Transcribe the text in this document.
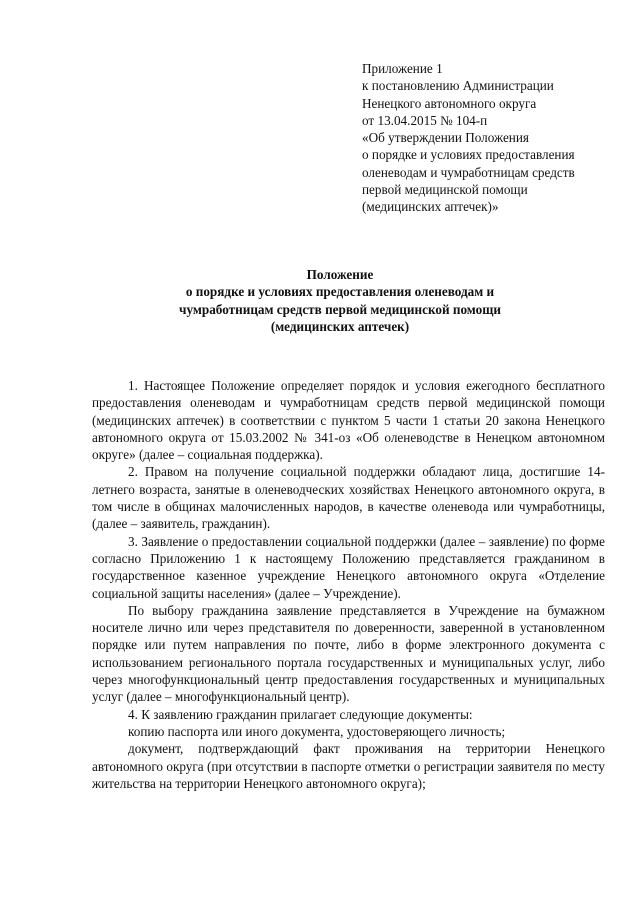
Приложение 1
к постановлению Администрации
Ненецкого автономного округа
от 13.04.2015 № 104-п
«Об утверждении Положения
о порядке и условиях предоставления
оленеводам и чумработницам средств
первой медицинской помощи
(медицинских аптечек)»
Положение
о порядке и условиях предоставления оленеводам и
чумработницам средств первой медицинской помощи
(медицинских аптечек)

1. Настоящее Положение определяет порядок и условия ежегодного бесплатного предоставления оленеводам и чумработницам средств первой медицинской помощи (медицинских аптечек) в соответствии с пунктом 5 части 1 статьи 20 закона Ненецкого автономного округа от 15.03.2002 № 341-оз «Об оленеводстве в Ненецком автономном округе» (далее – социальная поддержка).

2. Правом на получение социальной поддержки обладают лица, достигшие 14-летнего возраста, занятые в оленеводческих хозяйствах Ненецкого автономного округа, в том числе в общинах малочисленных народов, в качестве оленевода или чумработницы, (далее – заявитель, гражданин).

3. Заявление о предоставлении социальной поддержки (далее – заявление) по форме согласно Приложению 1 к настоящему Положению представляется гражданином в государственное казенное учреждение Ненецкого автономного округа «Отделение социальной защиты населения» (далее – Учреждение).

По выбору гражданина заявление представляется в Учреждение на бумажном носителе лично или через представителя по доверенности, заверенной в установленном порядке или путем направления по почте, либо в форме электронного документа с использованием регионального портала государственных и муниципальных услуг, либо через многофункциональный центр предоставления государственных и муниципальных услуг (далее – многофункциональный центр).

4. К заявлению гражданин прилагает следующие документы:

копию паспорта или иного документа, удостоверяющего личность;

документ, подтверждающий факт проживания на территории Ненецкого автономного округа (при отсутствии в паспорте отметки о регистрации заявителя по месту жительства на территории Ненецкого автономного округа);
